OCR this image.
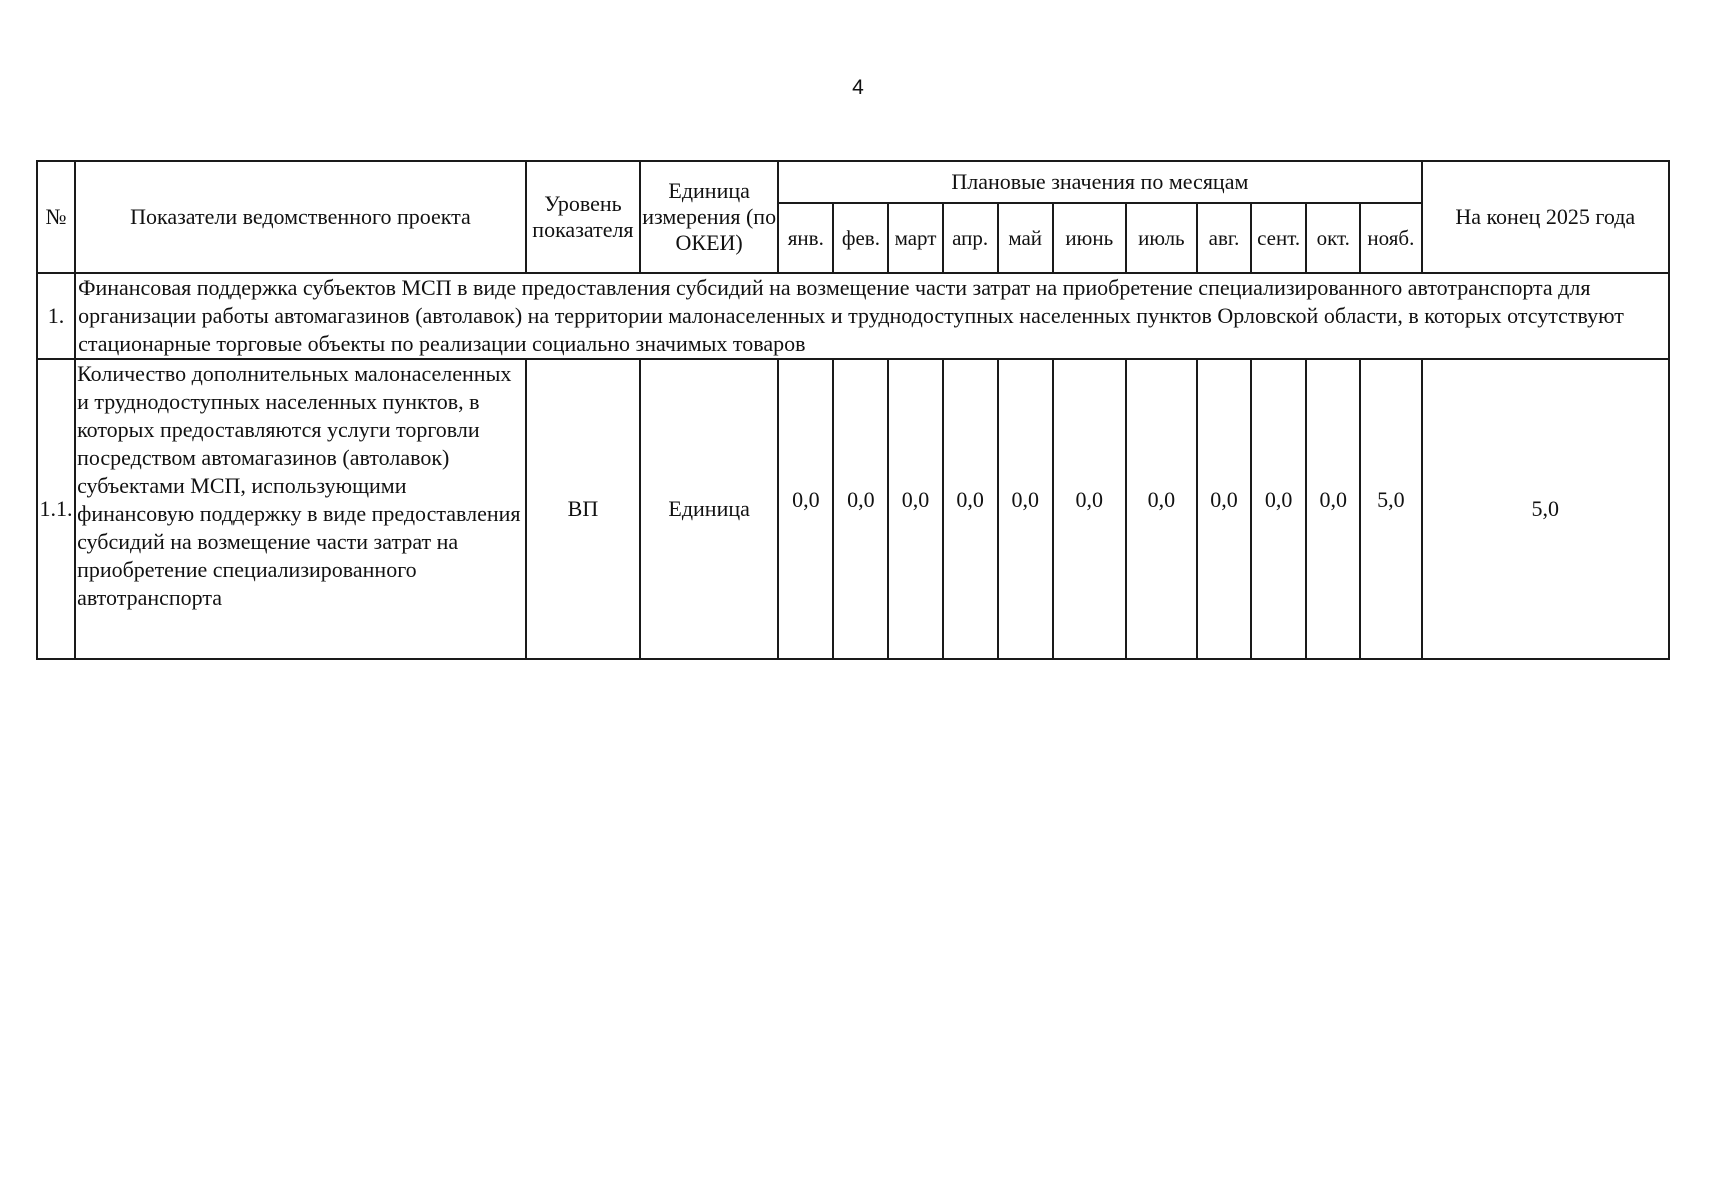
4
№	Показатели ведомственного проекта	Уровень показателя	Единица измерения (по ОКЕИ)	Плановые значения по месяцам											На конец 2025 года
				янв.	фев.	март	апр.	май	июнь	июль	авг.	сент.	окт.	нояб.	
1.	Финансовая поддержка субъектов МСП в виде предоставления субсидий на возмещение части затрат на приобретение специализированного автотранспорта для организации работы автомагазинов (автолавок) на территории малонаселенных и труднодоступных населенных пунктов Орловской области, в которых отсутствуют стационарные торговые объекты по реализации социально значимых товаров														
1.1.	Количество дополнительных малонаселенных и труднодоступных населенных пунктов, в которых предоставляются услуги торговли посредством автомагазинов (автолавок) субъектами МСП, использующими финансовую поддержку в виде предоставления субсидий на возмещение части затрат на приобретение специализированного автотранспорта	ВП	Единица	0,0	0,0	0,0	0,0	0,0	0,0	0,0	0,0	0,0	0,0	5,0	5,0
